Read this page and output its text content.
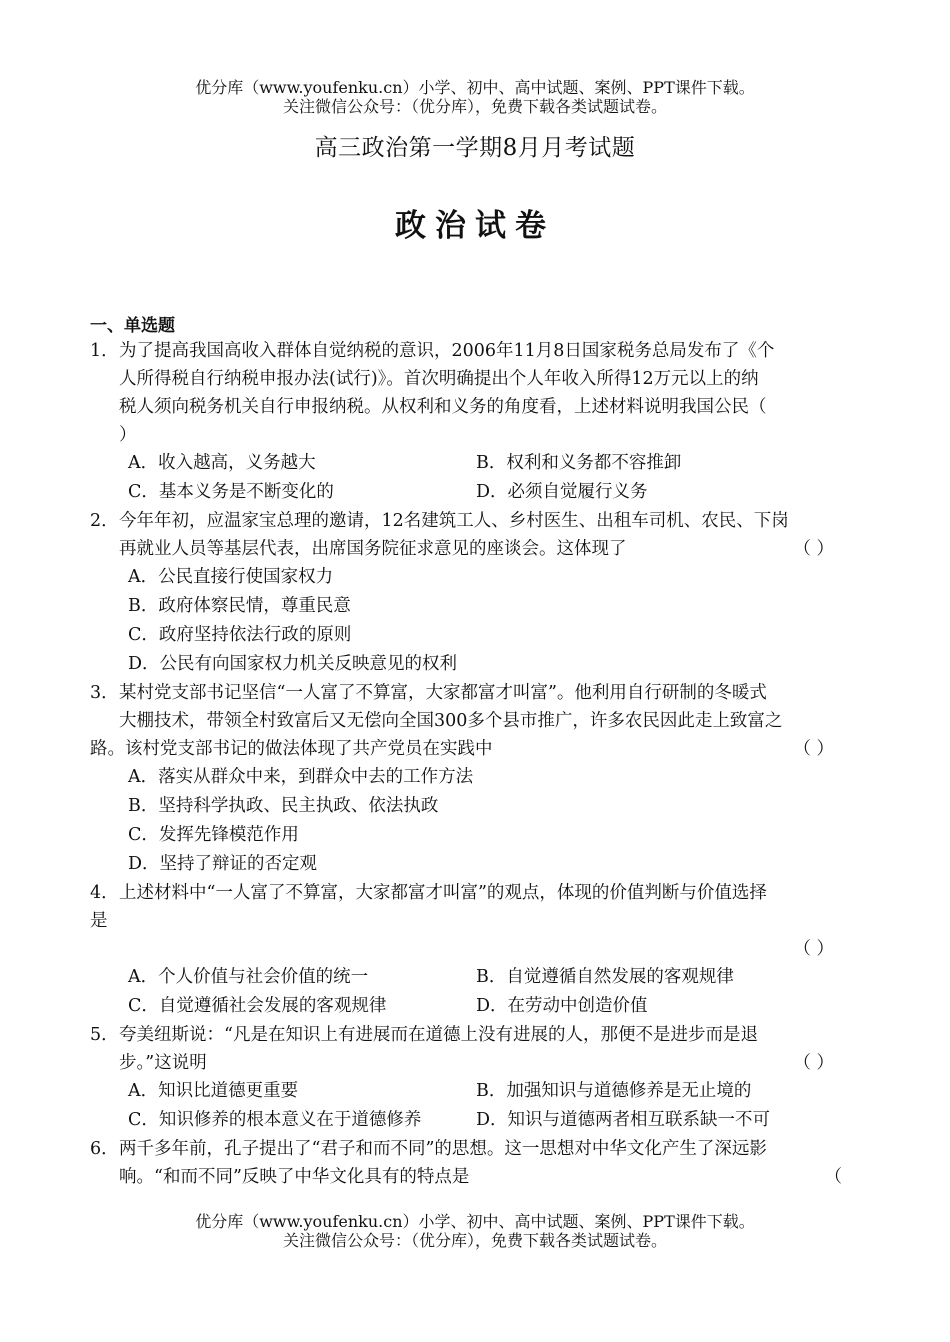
优分库（www.youfenku.cn）小学、初中、高中试题、案例、PPT课件下载。
关注微信公众号：（优分库），免费下载各类试题试卷。
高三政治第一学期8月月考试题
政治试卷
一、单选题
1． 为了提高我国高收入群体自觉纳税的意识，2006年11月8日国家税务总局发布了《个
人所得税自行纳税申报办法(试行)》。首次明确提出个人年收入所得12万元以上的纳
税人须向税务机关自行申报纳税。从权利和义务的角度看，上述材料说明我国公民（
）
A．收入越高，义务越大	B．权利和义务都不容推卸
C．基本义务是不断变化的	D．必须自觉履行义务
2． 今年年初，应温家宝总理的邀请，12名建筑工人、乡村医生、出租车司机、农民、下岗
再就业人员等基层代表，出席国务院征求意见的座谈会。这体现了	（ ）
A．公民直接行使国家权力
B．政府体察民情，尊重民意
C．政府坚持依法行政的原则
D．公民有向国家权力机关反映意见的权利
3． 某村党支部书记坚信“一人富了不算富，大家都富才叫富”。他利用自行研制的冬暖式
大棚技术，带领全村致富后又无偿向全国300多个县市推广，许多农民因此走上致富之
路。该村党支部书记的做法体现了共产党员在实践中	（ ）
A．落实从群众中来，到群众中去的工作方法
B．坚持科学执政、民主执政、依法执政
C．发挥先锋模范作用
D．坚持了辩证的否定观
4． 上述材料中“一人富了不算富，大家都富才叫富”的观点，体现的价值判断与价值选择
是
（ ）
A．个人价值与社会价值的统一	B．自觉遵循自然发展的客观规律
C．自觉遵循社会发展的客观规律	D．在劳动中创造价值
5． 夸美纽斯说：“凡是在知识上有进展而在道德上没有进展的人，那便不是进步而是退
步。”这说明	（ ）
A．知识比道德更重要	B．加强知识与道德修养是无止境的
C．知识修养的根本意义在于道德修养	D．知识与道德两者相互联系缺一不可
6． 两千多年前，孔子提出了“君子和而不同”的思想。这一思想对中华文化产生了深远影
响。“和而不同”反映了中华文化具有的特点是	（
优分库（www.youfenku.cn）小学、初中、高中试题、案例、PPT课件下载。
关注微信公众号：（优分库），免费下载各类试题试卷。
